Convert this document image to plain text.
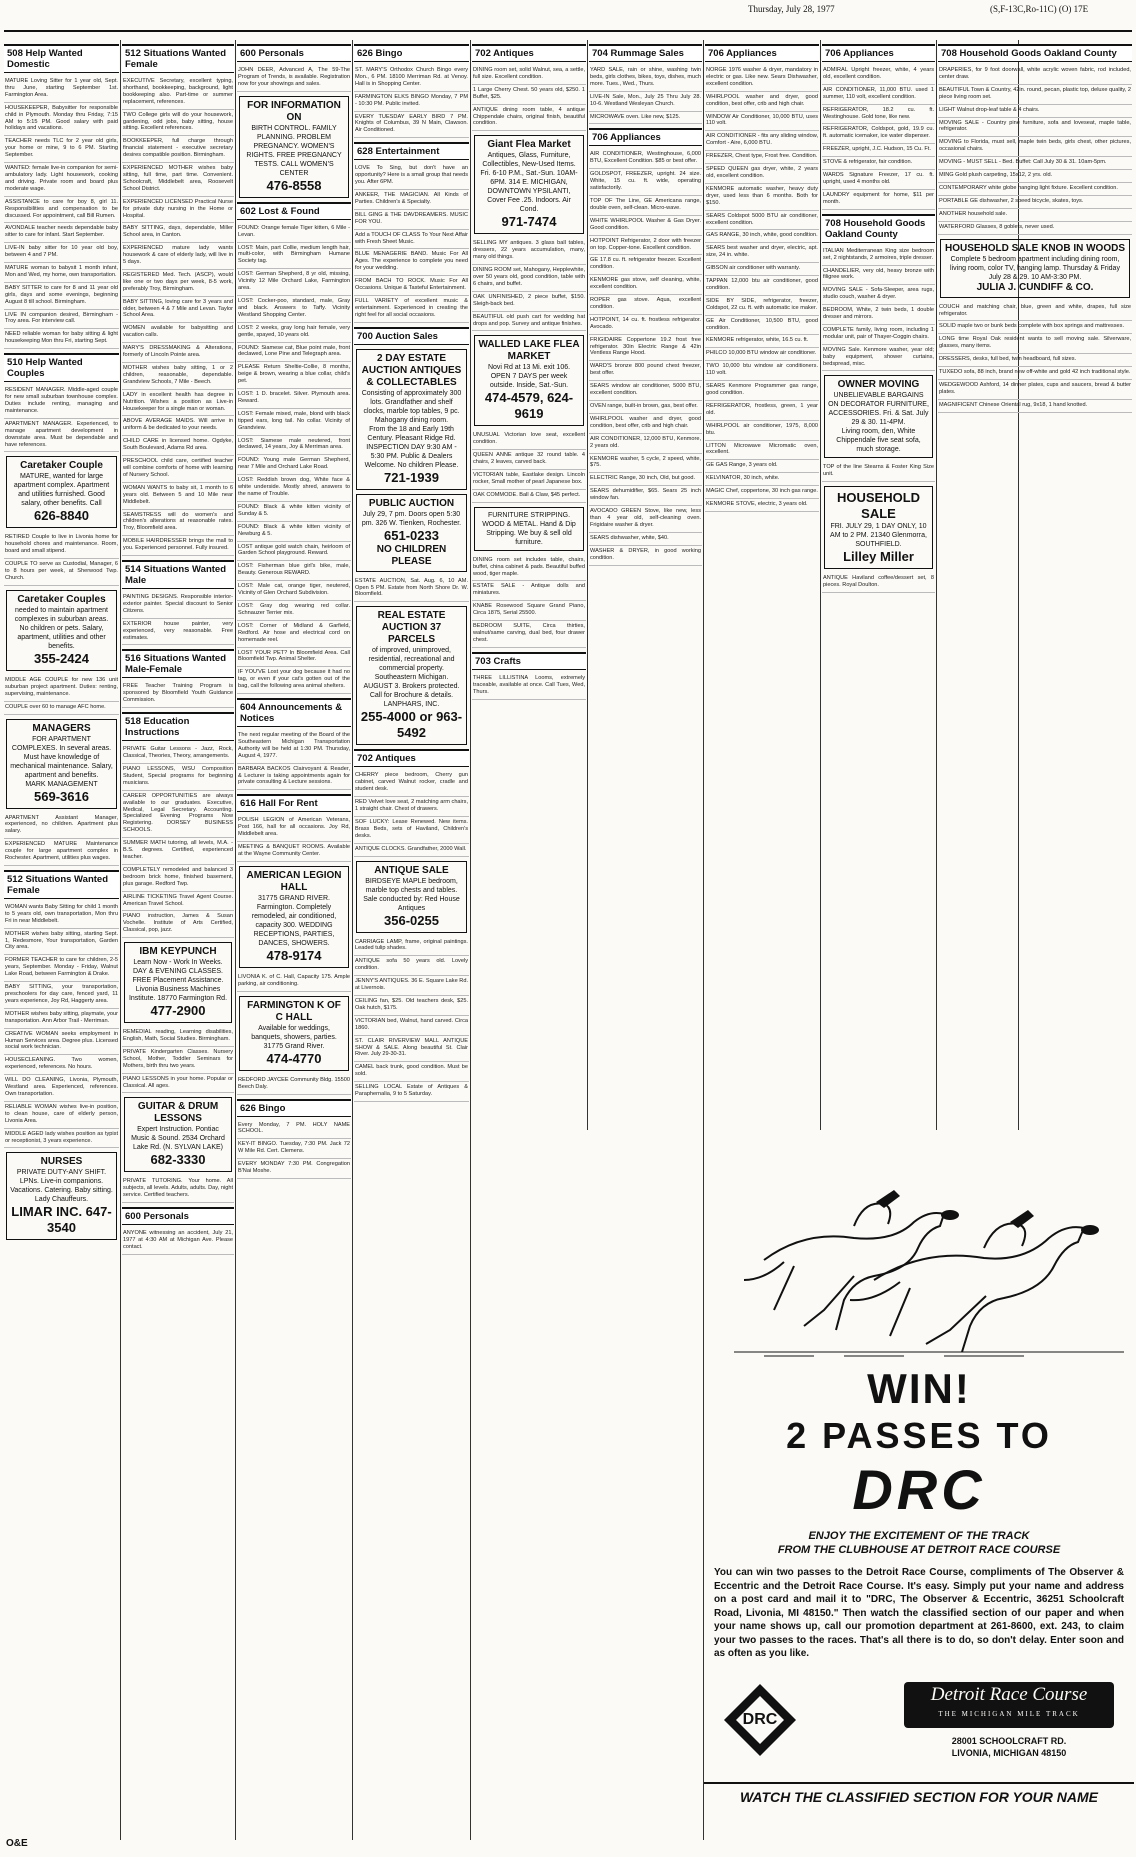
Thursday, July 28, 1977	(S,F-13C,Ro-11C) (O) 17E
508 Help Wanted Domestic
MATURE Loving Sitter for 1 year old, Sept. thru June, starting September 1st. Farmington Area.
HOUSEKEEPER, Babysitter for responsible child in Plymouth. Monday thru Friday, 7:15 AM to 5:15 PM. Good salary with paid holidays and vacations.
TEACHER needs TLC for 2 year old girls, your home or mine, 9 to 6 PM. Starting September.
WANTED: female live-in companion for semi-ambulatory lady. Light housework, cooking and driving. Private room and board plus moderate wage.
ASSISTANCE to care for boy 8, girl 11. Responsibilities and compensation to be discussed. For appointment, call Bill Rumen.
AVONDALE teacher needs dependable baby sitter to care for infant. Start September.
LIVE-IN baby sitter for 10 year old boy, between 4 and 7 PM.
MATURE woman to babysit 1 month infant, Mon and Wed, my home, own transportation.
BABY SITTER to care for 8 and 11 year old girls, days and some evenings, beginning August 8 till school. Birmingham.
LIVE IN companion desired, Birmingham - Troy area. For interview call.
NEED reliable woman for baby sitting & light housekeeping Mon thru Fri, starting Sept.
510 Help Wanted Couples
RESIDENT MANAGER. Middle-aged couple for new small suburban townhouse complex. Duties include renting, managing and maintenance.
APARTMENT MANAGER. Experienced, to manage apartment development in downstate area. Must be dependable and have references.
Caretaker Couple
MATURE, wanted for large apartment complex. Apartment and utilities furnished. Good salary, other benefits. Call
626-8840
RETIRED Couple to live in Livonia home for household chores and maintenance. Room, board and small stipend.
COUPLE TO serve as Custodial, Manager, 6 to 8 hours per week, at Sherwood Twp. Church.
Caretaker Couples
needed to maintain apartment complexes in suburban areas. No children or pets. Salary, apartment, utilities and other benefits.
355-2424
MIDDLE AGE COUPLE for new 136 unit suburban project apartment. Duties: renting, supervising, maintenance.
COUPLE over 60 to manage AFC home.
MANAGERS
FOR APARTMENT COMPLEXES. In several areas. Must have knowledge of mechanical maintenance. Salary, apartment and benefits.
MARK MANAGEMENT
569-3616
APARTMENT Assistant Manager, experienced, no children. Apartment plus salary.
EXPERIENCED MATURE Maintenance couple for large apartment complex in Rochester. Apartment, utilities plus wages.
512 Situations Wanted Female
WOMAN wants Baby Sitting for child 1 month to 5 years old, own transportation, Mon thru Fri in near Middlebelt.
MOTHER wishes baby sitting, starting Sept. 1, Redesmore, Your transportation, Garden City area.
FORMER TEACHER to care for children, 2-5 years, September. Monday - Friday, Walnut Lake Road, between Farmington & Drake.
BABY SITTING, your transportation, preschoolers for day care, fenced yard, 11 years experience, Joy Rd, Haggerty area.
MOTHER wishes baby sitting, playmate, your transportation. Ann Arbor Trail - Merriman.
CREATIVE WOMAN seeks employment in Human Services area. Degree plus. Licensed social work technician.
HOUSECLEANING. Two women, experienced, references. No hours.
WILL DO CLEANING, Livonia, Plymouth, Westland area. Experienced, references. Own transportation.
RELIABLE WOMAN wishes live-in position, to clean house, care of elderly person, Livonia Area.
MIDDLE AGED lady wishes position as typist or receptionist, 3 years experience.
NURSES
PRIVATE DUTY-ANY SHIFT. LPNs. Live-in companions. Vacations. Catering. Baby sitting. Lady Chauffeurs.
LIMAR INC. 647-3540
512 Situations Wanted Female
EXECUTIVE Secretary, excellent typing, shorthand, bookkeeping, background, light bookkeeping also. Part-time or summer replacement, references.
TWO College girls will do your housework, gardening, odd jobs, baby sitting, house sitting. Excellent references.
BOOKKEEPER, full charge through financial statement - executive secretary desires compatible position. Birmingham.
EXPERIENCED MOTHER wishes baby sitting, full time, part time. Convenient. Schoolcraft, Middlebelt area, Roosevelt School District.
EXPERIENCED LICENSED Practical Nurse for private duty nursing in the Home or Hospital.
BABY SITTING, days, dependable, Miller School area, in Canton.
EXPERIENCED mature lady wants housework & care of elderly lady, will live in 5 days.
REGISTERED Med. Tech. (ASCP), would like one or two days per week, 8-5 work, preferably Troy, Birmingham.
BABY SITTING, loving care for 3 years and older, between 4 & 7 Mile and Levan. Taylor School Area.
WOMEN available for babysitting and vacation calls.
MARY'S DRESSMAKING & Alterations, formerly of Lincoln Pointe area.
MOTHER wishes baby sitting, 1 or 2 children, reasonable, dependable. Grandview Schools, 7 Mile - Beech.
LADY in excellent health has degree in Nutrition. Wishes a position as Live-in Housekeeper for a single man or woman.
ABOVE AVERAGE MAIDS. Will arrive in uniform & be dedicated to your needs.
CHILD CARE in licensed home. Ogdyke, South Boulevard, Adams Rd area.
PRESCHOOL child care, certified teacher will combine comforts of home with learning of Nursery School.
WOMAN WANTS to baby sit, 1 month to 6 years old. Between 5 and 10 Mile near Middlebelt.
SEAMSTRESS will do women's and children's alterations at reasonable rates. Troy, Bloomfield area.
MOBILE HAIRDRESSER brings the mall to you. Experienced personnel. Fully insured.
514 Situations Wanted Male
PAINTING DESIGNS. Responsible interior-exterior painter. Special discount to Senior Citizens.
EXTERIOR house painter, very experienced, very reasonable. Free estimates.
516 Situations Wanted Male-Female
FREE Teacher Training Program is sponsored by Bloomfield Youth Guidance Commission.
518 Education Instructions
PRIVATE Guitar Lessons - Jazz, Rock, Classical, Theories, Theory, arrangements.
PIANO LESSONS, WSU Composition Student, Special programs for beginning musicians.
CAREER OPPORTUNITIES are always available to our graduates. Executive, Medical, Legal Secretary. Accounting. Specialized Evening Programs Now Registering. DORSEY BUSINESS SCHOOLS.
SUMMER MATH tutoring, all levels, M.A. - B.S. degrees. Certified, experienced teacher.
COMPLETELY remodeled and balanced 3 bedroom brick home, finished basement, plus garage. Redford Twp.
AIRLINE TICKETING Travel Agent Course. American Travel School.
PIANO instruction, James & Susan Vochelle. Institute of Arts Certified, Classical, pop, jazz.
IBM KEYPUNCH
Learn Now - Work In Weeks. DAY & EVENING CLASSES. FREE Placement Assistance. Livonia Business Machines Institute. 18770 Farmington Rd.
477-2900
REMEDIAL reading, Learning disabilities, English, Math, Social Studies. Birmingham.
PRIVATE Kindergarten Classes. Nursery School, Mother, Toddler Seminars for Mothers, birth thru two years.
PIANO LESSONS in your home. Popular or Classical. All ages.
GUITAR & DRUM LESSONS
Expert Instruction. Pontiac Music & Sound. 2534 Orchard Lake Rd. (N. SYLVAN LAKE)
682-3330
PRIVATE TUTORING. Your home. All subjects, all levels. Adults, adults. Day, night service. Certified teachers.
600 Personals
ANYONE witnessing an accident, July 21, 1977 at 4:30 AM at Michigan Ave. Please contact.
600 Personals
JOHN DEER, Advanced A, The 59-The Program of Trends, is available. Registration now for your showings and sales.
FOR INFORMATION ON
BIRTH CONTROL. FAMILY PLANNING. PROBLEM PREGNANCY. WOMEN'S RIGHTS. FREE PREGNANCY TESTS. CALL WOMEN'S CENTER
476-8558
602 Lost & Found
FOUND: Orange female Tiger kitten, 6 Mile - Levan.
LOST: Main, part Collie, medium length hair, multi-color, with Birmingham Humane Society tag.
LOST: German Shepherd, 8 yr old, missing, Vicinity 12 Mile Orchard Lake, Farmington area.
LOST: Cocker-poo, standard, male, Gray and black. Answers to Taffy. Vicinity Westland Shopping Center.
LOST: 2 weeks, gray long hair female, very gentle, spayed, 10 years old.
FOUND: Siamese cat, Blue point male, front declawed, Lone Pine and Telegraph area.
PLEASE Return Sheltie-Collie, 8 months, beige & brown, wearing a blue collar, child's pet.
LOST: 1 D. bracelet. Silver. Plymouth area. Reward.
LOST: Female mixed, male, blond with black tipped ears, long tail. No collar. Vicinity of Grandview.
LOST: Siamese male neutered, front declawed, 14 years, Joy & Merriman area.
FOUND: Young male German Shepherd, near 7 Mile and Orchard Lake Road.
LOST: Reddish brown dog, White face & white underside. Mostly shred, answers to the name of Trouble.
FOUND: Black & white kitten vicinity of Sunday & 5.
FOUND: Black & white kitten vicinity of Newburg & 5.
LOST antique gold watch chain, heirloom of Garden School playground. Reward.
LOST: Fisherman blue girl's bike, male, Beauty. Generous REWARD.
LOST: Male cat, orange tiger, neutered, Vicinity of Glen Orchard Subdivision.
LOST: Gray dog wearing red collar. Schnauzer Terrier mix.
LOST: Corner of Midland & Garfield, Redford. Air hose and electrical cord on homemade reel.
LOST YOUR PET? In Bloomfield Area. Call Bloomfield Twp. Animal Shelter.
IF YOU'VE Lost your dog because it had no tag, or even if your cat's gotten out of the bag, call the following area animal shelters.
604 Announcements & Notices
The next regular meeting of the Board of the Southeastern Michigan Transportation Authority will be held at 1:30 PM. Thursday, August 4, 1977.
BARBARA BACKOS Clairvoyant & Reader, & Lecturer is taking appointments again for private consulting & Lecture sessions.
616 Hall For Rent
POLISH LEGION of American Veterans, Post 166, hall for all occasions. Joy Rd, Middlebelt area.
MEETING & BANQUET ROOMS. Available at the Wayne Community Center.
AMERICAN LEGION HALL
31775 GRAND RIVER. Farmington. Completely remodeled, air conditioned, capacity 300. WEDDING RECEPTIONS, PARTIES, DANCES, SHOWERS.
478-9174
LIVONIA K. of C. Hall, Capacity 175. Ample parking, air conditioning.
FARMINGTON K OF C HALL
Available for weddings, banquets, showers, parties. 31775 Grand River.
474-4770
REDFORD JAYCEE Community Bldg. 15500 Beech Daly.
626 Bingo
Every Monday, 7 PM. HOLY NAME SCHOOL.
KEY-IT BINGO. Tuesday, 7:30 PM. Jack 72 W Mile Rd. Cert. Clemens.
EVERY MONDAY 7:30 PM. Congregation B'Nai Moshe.
626 Bingo
ST. MARY'S Orthodox Church Bingo every Mon., 6 PM. 18100 Merriman Rd. at Venoy. Hall is in Shopping Center.
FARMINGTON ELKS BINGO Monday, 7 PM - 10:30 PM. Public invited.
EVERY TUESDAY EARLY BIRD 7 PM. Knights of Columbus, 39 N Main, Clawson. Air Conditioned.
628 Entertainment
LOVE To Sing, but don't have an opportunity? Here is a small group that needs you. After 6PM.
ANKEER, THE MAGICIAN. All Kinds of Parties. Children's & Specialty.
BILL GING & THE DAVDREAMERS. MUSIC FOR YOU.
Add a TOUCH OF CLASS To Your Next Affair with Fresh Sheet Music.
BLUE MENAGERIE BAND. Music For All Ages. The experience to complete you need for your wedding.
FROM BACH TO ROCK. Music For All Occasions. Unique & Tasteful Entertainment.
FULL VARIETY of excellent music & entertainment. Experienced in creating the right feel for all social occasions.
700 Auction Sales
2 DAY ESTATE AUCTION ANTIQUES & COLLECTABLES
Consisting of approximately 300 lots. Grandfather and shelf clocks, marble top tables, 9 pc. Mahogany dining room.
From the 18 and Early 19th Century. Pleasant Ridge Rd. INSPECTION DAY 9:30 AM - 5:30 PM. Public & Dealers Welcome. No children Please.
721-1939
PUBLIC AUCTION
July 29, 7 pm. Doors open 5:30 pm. 326 W. Tienken, Rochester.
651-0233
NO CHILDREN PLEASE
ESTATE AUCTION, Sat. Aug. 6, 10 AM. Open 5 PM. Estate from North Shore Dr. W. Bloomfield.
REAL ESTATE AUCTION 37 PARCELS
of improved, unimproved, residential, recreational and commercial property. Southeastern Michigan. AUGUST 3. Brokers protected. Call for Brochure & details. LANPHARS, INC.
255-4000 or 963-5492
702 Antiques
CHERRY piece bedroom, Cherry gun cabinet, carved Walnut rocker, cradle and student desk.
RED Velvet love seat, 2 matching arm chairs, 1 straight chair. Chest of drawers.
SOF LUCKY: Lease Renewed. New items. Brass Beds, sets of Haviland, Children's desks.
ANTIQUE CLOCKS. Grandfather, 2000 Wall.
ANTIQUE SALE
BIRDSEYE MAPLE bedroom, marble top chests and tables. Sale conducted by: Red House Antiques
356-0255
CARRIAGE LAMP, frame, original paintings. Leaded tulip shades.
ANTIQUE sofa 50 years old. Lovely condition.
JENNY'S ANTIQUES. 36 E. Square Lake Rd. at Livernois.
CEILING fan, $25. Old teachers desk, $25. Oak hutch, $175.
VICTORIAN bed, Walnut, hand carved. Circa 1860.
ST. CLAIR RIVERVIEW MALL ANTIQUE SHOW & SALE. Along beautiful St. Clair River. July 29-30-31.
CAMEL back trunk, good condition. Must be sold.
SELLING LOCAL Estate of Antiques & Paraphernalia, 9 to 5 Saturday.
702 Antiques
DINING room set, solid Walnut, sea, a settle, full size. Excellent condition.
1 Large Cherry Chest. 50 years old, $250. 1 Buffet, $25.
ANTIQUE dining room table, 4 antique Chippendale chairs, original finish, beautiful condition.
Giant Flea Market
Antiques, Glass, Furniture, Collectibles, New-Used Items. Fri. 6-10 P.M., Sat.-Sun. 10AM-6PM. 314 E. MICHIGAN, DOWNTOWN YPSILANTI, Cover Fee .25. Indoors. Air Cond.
971-7474
SELLING MY antiques. 3 glass ball tables, dressers, 22 years accumulation, many, many old things.
DINING ROOM set, Mahogany, Hepplewhite, over 50 years old, good condition, table with 6 chairs, and buffet.
OAK UNFINISHED, 2 piece buffet, $150. Sleigh-back bed.
BEAUTIFUL old push cart for wedding hat drops and pop. Survey and antique finishes.
WALLED LAKE FLEA MARKET
Novi Rd at 13 Mi. exit 106. OPEN 7 DAYS per week outside. Inside, Sat.-Sun.
474-4579, 624-9619
UNUSUAL Victorian love seat, excellent condition.
QUEEN ANNE antique 32 round table. 4 chairs, 2 leaves, carved back.
VICTORIAN table, Eastlake design. Lincoln rocker, Small mother of pearl Japanese box.
OAK COMMODE. Ball & Claw, $45 perfect.
FURNITURE STRIPPING. WOOD & METAL. Hand & Dip Stripping. We buy & sell old furniture.
DINING room set includes table, chairs, buffet, china cabinet & pads. Beautiful buffed wood, tiger maple.
ESTATE SALE - Antique dolls and miniatures.
KNABE Rosewood Square Grand Piano, Circa 1875, Serial 25500.
BEDROOM SUITE, Circa thirties, walnut/same carving, dual bed, four drawer chest.
703 Crafts
THREE LILLISTINA Looms, extremely traceable, available at once. Call Tues, Wed, Thurs.
704 Rummage Sales
YARD SALE, rain or shine, washing twin beds, girls clothes, bikes, toys, dishes, much more. Tues., Wed., Thurs.
LIVE-IN Sale, Mon., July 25 Thru July 28. 10-6. Westland Wesleyan Church.
MICROWAVE oven. Like new, $125.
706 Appliances
AIR CONDITIONER, Westinghouse, 6,000 BTU, Excellent Condition. $85 or best offer.
GOLDSPOT, FREEZER, upright. 24 size. White, 15 cu. ft. wide, operating satisfactorily.
TOP OF The Line, GE Americana range, double oven, self-clean. Micro-wave.
WHITE WHIRLPOOL Washer & Gas Dryer. Good condition.
HOTPOINT Refrigerator, 2 door with freezer on top. Copper-tone. Excellent condition.
GE 17.8 cu. ft. refrigerator freezer. Excellent condition.
KENMORE gas stove, self cleaning, white, excellent condition.
ROPER gas stove. Aqua, excellent condition.
HOTPOINT, 14 cu. ft. frostless refrigerator. Avocado.
FRIGIDAIRE Coppertone 19.2 frost free refrigerator. 30in Electric Range & 42in Ventless Range Hood.
WARD'S bronze 800 pound chest freezer, best offer.
SEARS window air conditioner, 5000 BTU, excellent condition.
OVEN range, built-in brown, gas, best offer.
WHIRLPOOL washer and dryer, good condition, best offer, crib and high chair.
AIR CONDITIONER, 12,000 BTU, Kenmore, 2 years old.
KENMORE washer, 5 cycle, 2 speed, white, $75.
ELECTRIC Range, 30 inch, Old, but good.
SEARS dehumidifier, $65. Sears 25 inch window fan.
AVOCADO GREEN Stove, like new, less than 4 year old, self-cleaning oven. Frigidaire washer & dryer.
SEARS dishwasher, white, $40.
WASHER & DRYER, in good working condition.
706 Appliances
NORGE 1976 washer & dryer, mandatory in electric or gas. Like new. Sears Dishwasher, excellent condition.
WHIRLPOOL washer and dryer, good condition, best offer, crib and high chair.
WINDOW Air Conditioner, 10,000 BTU, uses 110 volt.
AIR CONDITIONER - fits any sliding window, Comfort - Aire, 6,000 BTU.
FREEZER, Chest type, Frost free. Condition.
SPEED QUEEN gas dryer, white, 2 years old, excellent condition.
KENMORE automatic washer, heavy duty dryer, used less than 6 months. Both for $150.
SEARS Coldspot 5000 BTU air conditioner, excellent condition.
GAS RANGE, 30 inch, white, good condition.
SEARS best washer and dryer, electric, apt. size, 24 in. white.
GIBSON air conditioner with warranty.
TAPPAN 12,000 btu air conditioner, good condition.
SIDE BY SIDE, refrigerator, freezer, Coldspot, 22 cu. ft. with automatic ice maker.
GE Air Conditioner, 10,500 BTU, good condition.
KENMORE refrigerator, white, 16.5 cu. ft.
PHILCO 10,000 BTU window air conditioner.
TWO 10,000 btu window air conditioners. 110 volt.
SEARS Kenmore Programmer gas range, good condition.
REFRIGERATOR, frostless, green, 1 year old.
WHIRLPOOL air conditioner, 1975, 8,000 btu.
LITTON Microwave Micromatic oven, excellent.
GE GAS Range, 3 years old.
KELVINATOR, 30 inch, white.
MAGIC Chef, coppertone, 30 inch gas range.
KENMORE STOVE, electric, 3 years old.
706 Appliances
ADMIRAL Upright freezer, white, 4 years old, excellent condition.
AIR CONDITIONER, 11,000 BTU. used 1 summer, 110 volt, excellent condition.
REFRIGERATOR, 18.2 cu. ft. Westinghouse. Gold tone, like new.
REFRIGERATOR, Coldspot, gold, 19.9 cu. ft. automatic icemaker, ice water dispenser.
FREEZER, upright, J.C. Hudson, 15 Cu. Ft.
STOVE & refrigerator, fair condition.
WARDS Signature Freezer, 17 cu. ft. upright, used 4 months old.
LAUNDRY equipment for home, $11 per month.
708 Household Goods Oakland County
ITALIAN Mediterranean King size bedroom set, 2 nightstands, 2 armoires, triple dresser.
CHANDELIER, very old, heavy bronze with filigree work.
MOVING SALE - Sofa-Sleeper, area rugs, studio couch, washer & dryer.
BEDROOM, White, 2 twin beds, 1 double dresser and mirrors.
COMPLETE family, living room, including 1 modular unit, pair of Thayer-Coggin chairs.
MOVING Sale. Kenmore washer, year old; baby equipment, shower curtains, bedspread, misc.
OWNER MOVING
UNBELIEVABLE BARGAINS ON DECORATOR FURNITURE, ACCESSORIES. Fri. & Sat. July 29 & 30. 11-4PM.
Living room, den, White Chippendale five seat sofa, much storage.
TOP of the line Stearns & Foster King Size unit.
HOUSEHOLD SALE
FRI. JULY 29, 1 DAY ONLY, 10 AM to 2 PM. 21340 Glenmorra, SOUTHFIELD.
Lilley Miller
ANTIQUE Haviland coffee/dessert set, 8 pieces. Royal Doulton.
708 Household Goods Oakland County
DRAPERIES, for 9 foot doorwall, white acrylic woven fabric, rod included, center draw.
BEAUTIFUL Town & Country, 42in. round, pecan, plastic top, deluxe quality, 2 piece living room set.
LIGHT Walnut drop-leaf table & 4 chairs.
MOVING SALE - Country pine furniture, sofa and loveseat, maple table, refrigerator.
MOVING to Florida, must sell, maple twin beds, girls chest, other pictures, occasional chairs.
MOVING - MUST SELL - Bed. Buffet: Call July 30 & 31. 10am-5pm.
MING Gold plush carpeting, 15x12, 2 yrs. old.
CONTEMPORARY white globe hanging light fixture. Excellent condition.
PORTABLE GE dishwasher, 2 speed bicycle, skates, toys.
ANOTHER household sale.
WATERFORD Glasses, 8 goblets, never used.
HOUSEHOLD SALE KNOB IN WOODS
Complete 5 bedroom apartment including dining room, living room, color TV, hanging lamp. Thursday & Friday July 28 & 29. 10 AM-3:30 PM.
JULIA J. CUNDIFF & CO.
COUCH and matching chair, blue, green and white, drapes, full size refrigerator.
SOLID maple two or bunk beds complete with box springs and mattresses.
LONG time Royal Oak resident wants to sell moving sale. Silverware, glasses, many items.
DRESSERS, desks, full bed, twin headboard, full sizes.
TUXEDO sofa, 88 inch, brand new off-white and gold 42 inch traditional style.
WEDGEWOOD Ashford, 14 dinner plates, cups and saucers, bread & butter plates.
MAGNIFICENT Chinese Oriental rug, 9x18, 1 hand knotted.
WIN!
2 PASSES TO
DRC
ENJOY THE EXCITEMENT OF THE TRACK
FROM THE CLUBHOUSE AT DETROIT RACE COURSE
You can win two passes to the Detroit Race Course, compliments of The Observer & Eccentric and the Detroit Race Course. It's easy. Simply put your name and address on a post card and mail it to "DRC, The Observer & Eccentric, 36251 Schoolcraft Road, Livonia, MI 48150." Then watch the classified section of our paper and when your name shows up, call our promotion department at 261-8600, ext. 243, to claim your two passes to the races. That's all there is to do, so don't delay. Enter soon and as often as you like.
DRC
Detroit Race Course
THE MICHIGAN MILE TRACK
28001 SCHOOLCRAFT RD.
LIVONIA, MICHIGAN 48150
WATCH THE CLASSIFIED SECTION FOR YOUR NAME
O&E
